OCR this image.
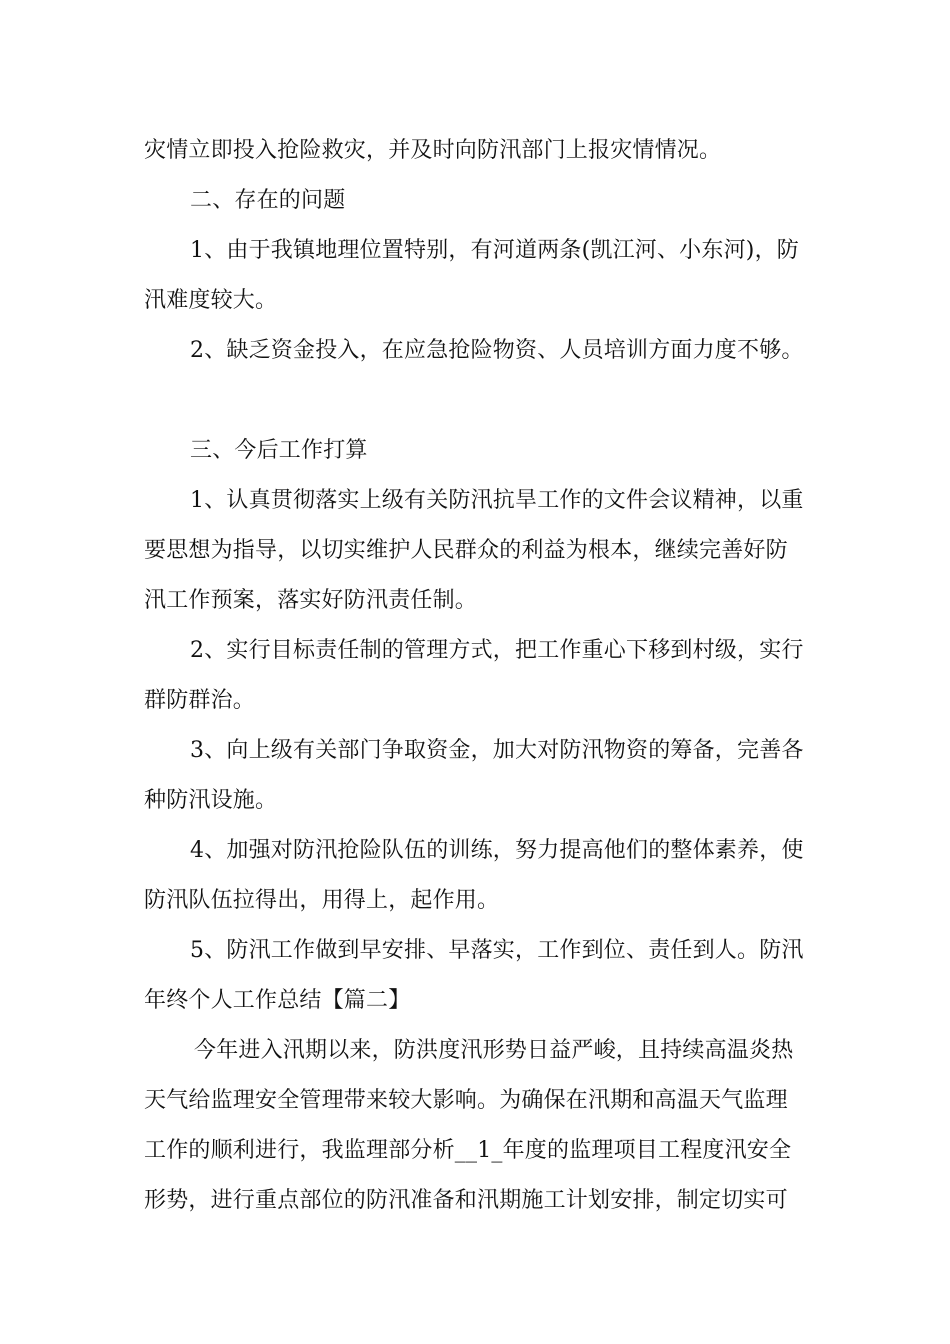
灾情立即投入抢险救灾，并及时向防汛部门上报灾情情况。
二、存在的问题
1、由于我镇地理位置特别，有河道两条(凯江河、小东河)，防
汛难度较大。
2、缺乏资金投入，在应急抢险物资、人员培训方面力度不够。
三、今后工作打算
1、认真贯彻落实上级有关防汛抗旱工作的文件会议精神，以重
要思想为指导，以切实维护人民群众的利益为根本，继续完善好防
汛工作预案，落实好防汛责任制。
2、实行目标责任制的管理方式，把工作重心下移到村级，实行
群防群治。
3、向上级有关部门争取资金，加大对防汛物资的筹备，完善各
种防汛设施。
4、加强对防汛抢险队伍的训练，努力提高他们的整体素养，使
防汛队伍拉得出，用得上，起作用。
5、防汛工作做到早安排、早落实，工作到位、责任到人。防汛
年终个人工作总结【篇二】
今年进入汛期以来，防洪度汛形势日益严峻，且持续高温炎热
天气给监理安全管理带来较大影响。为确保在汛期和高温天气监理
工作的顺利进行，我监理部分析__1_年度的监理项目工程度汛安全
形势，进行重点部位的防汛准备和汛期施工计划安排，制定切实可
